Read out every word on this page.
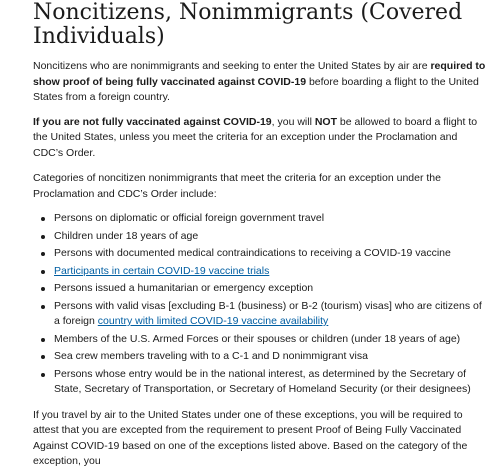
Noncitizens, Nonimmigrants (Covered Individuals)

Noncitizens who are nonimmigrants and seeking to enter the United States by air are required to show proof of being fully vaccinated against COVID-19 before boarding a flight to the United States from a foreign country.

If you are not fully vaccinated against COVID-19, you will NOT be allowed to board a flight to the United States, unless you meet the criteria for an exception under the Proclamation and CDC’s Order.

Categories of noncitizen nonimmigrants that meet the criteria for an exception under the Proclamation and CDC’s Order include:

Persons on diplomatic or official foreign government travel
Children under 18 years of age
Persons with documented medical contraindications to receiving a COVID-19 vaccine
Participants in certain COVID-19 vaccine trials
Persons issued a humanitarian or emergency exception
Persons with valid visas [excluding B-1 (business) or B-2 (tourism) visas] who are citizens of a foreign country with limited COVID-19 vaccine availability
Members of the U.S. Armed Forces or their spouses or children (under 18 years of age)
Sea crew members traveling with to a C-1 and D nonimmigrant visa
Persons whose entry would be in the national interest, as determined by the Secretary of State, Secretary of Transportation, or Secretary of Homeland Security (or their designees)

If you travel by air to the United States under one of these exceptions, you will be required to attest that you are excepted from the requirement to present Proof of Being Fully Vaccinated Against COVID-19 based on one of the exceptions listed above. Based on the category of the exception, you
